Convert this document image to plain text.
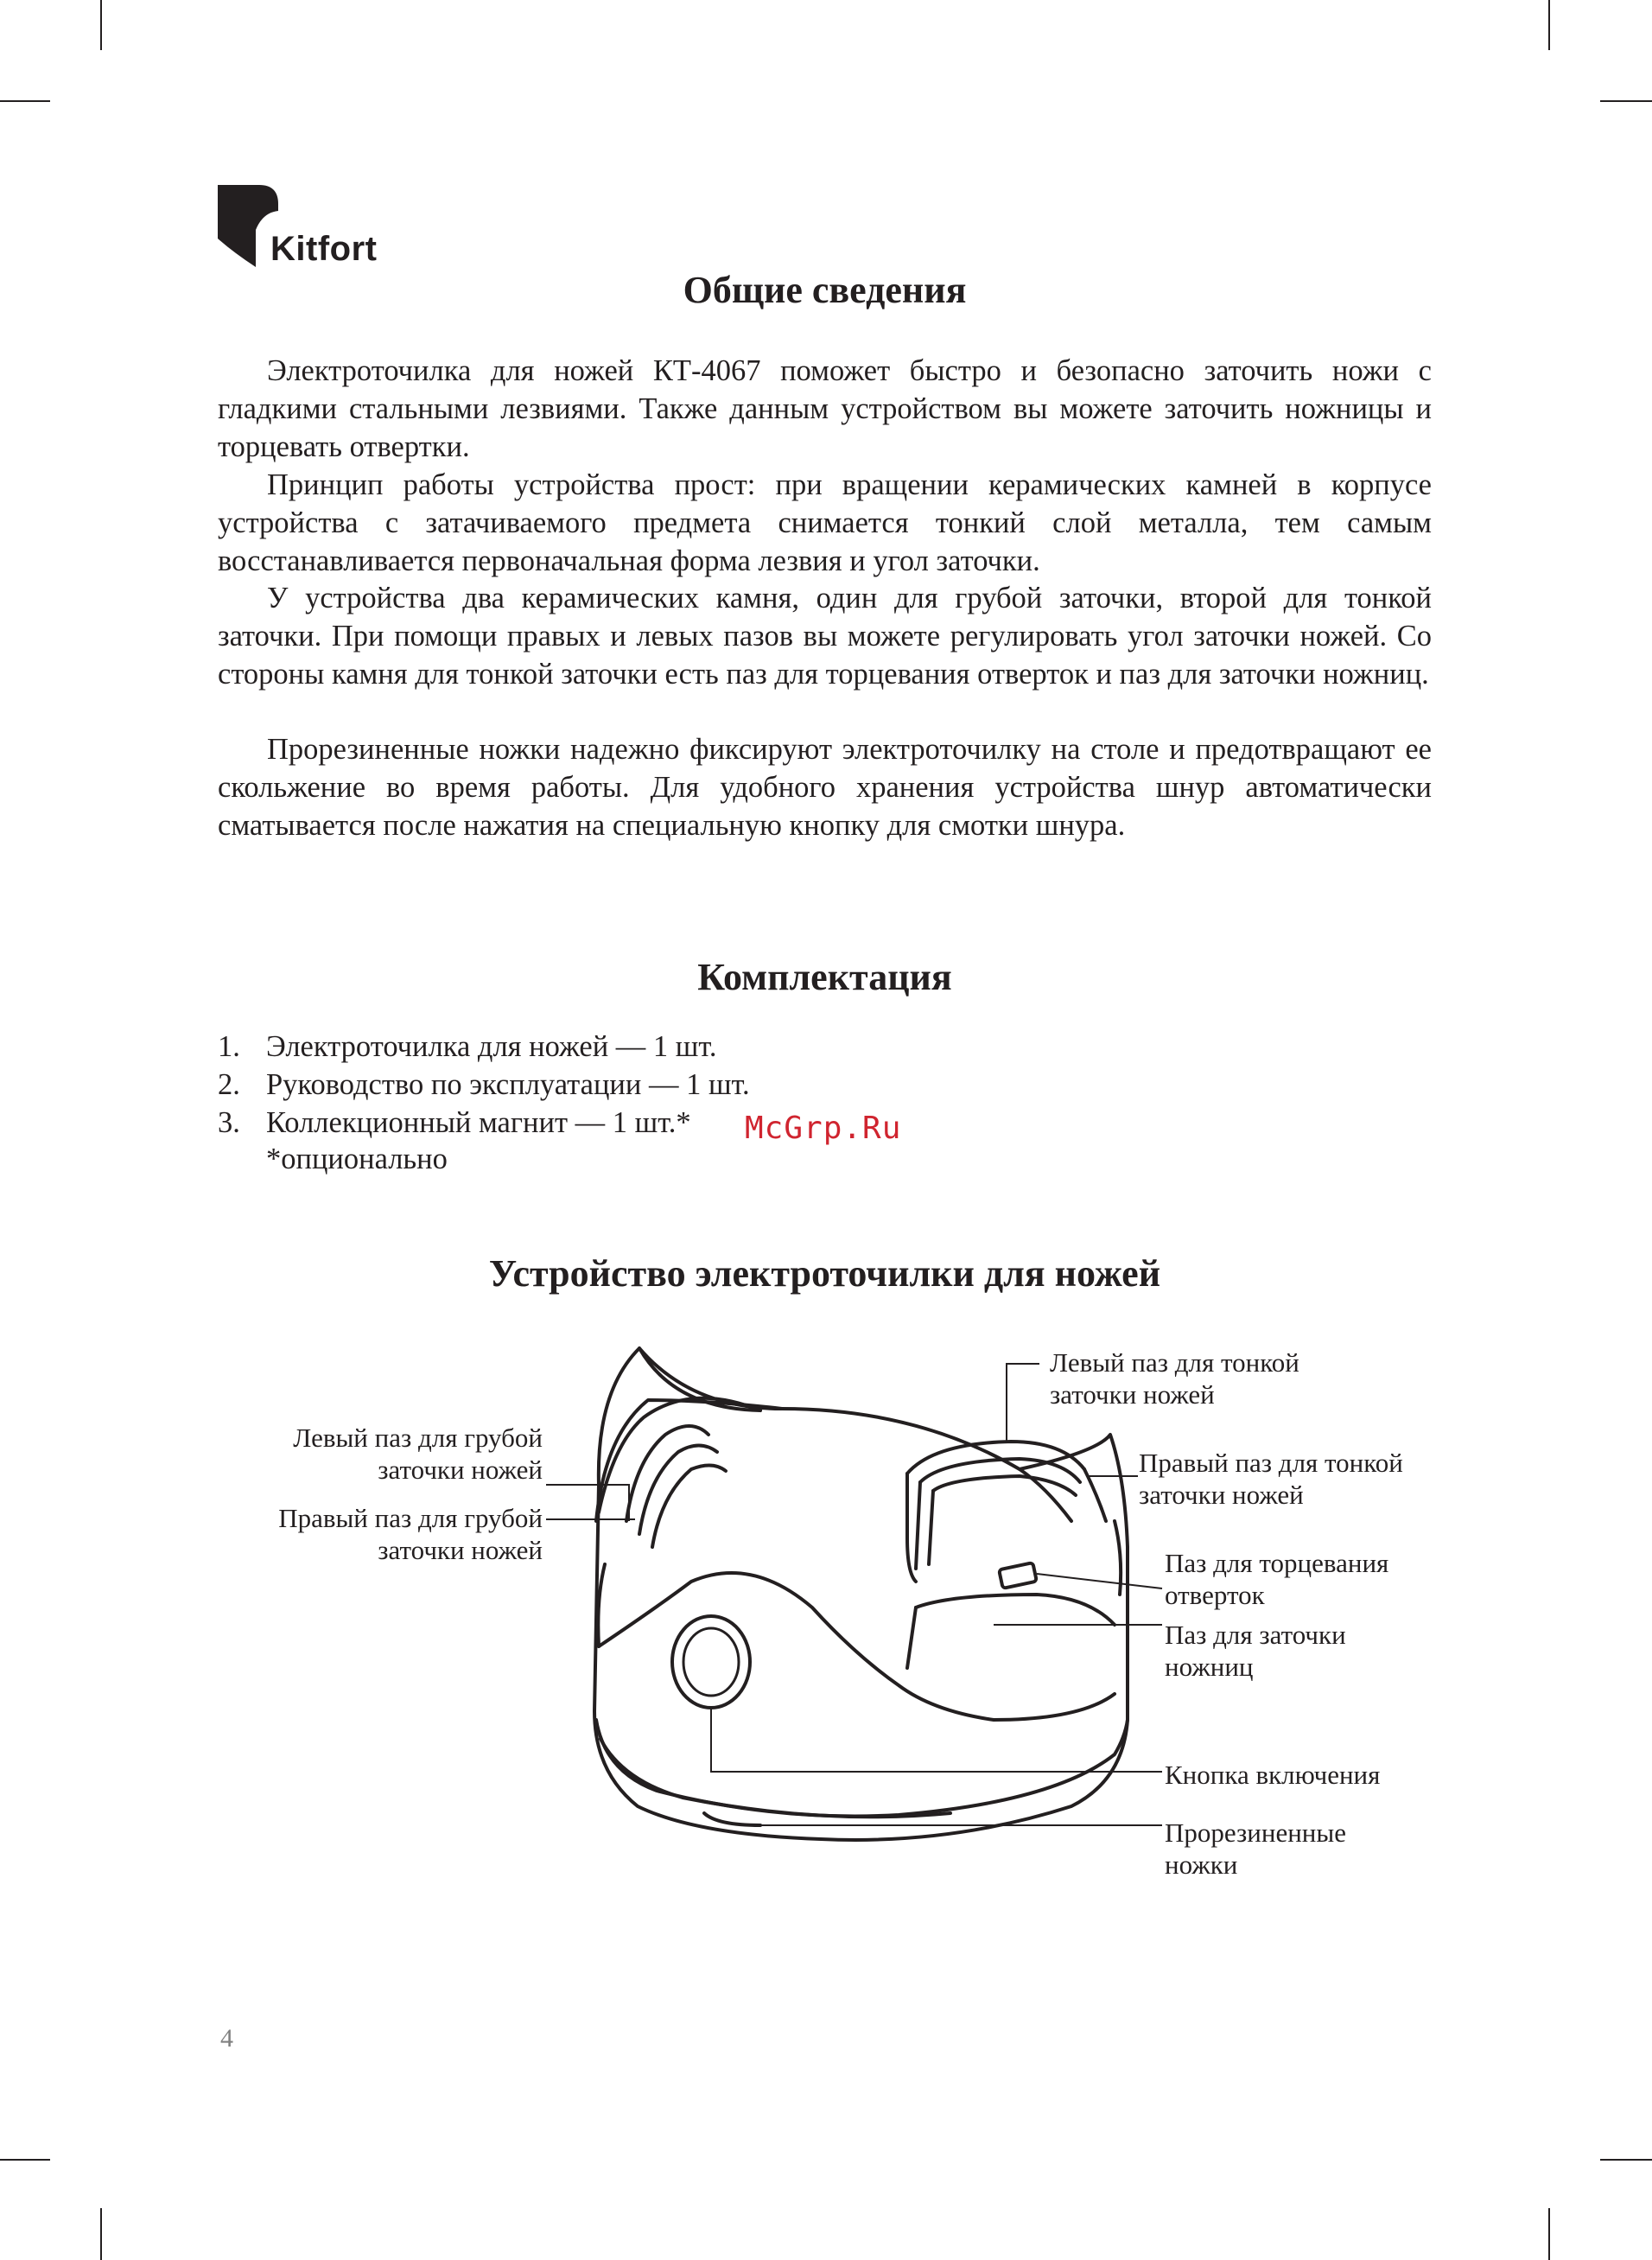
Kitfort
Общие сведения

Электроточилка для ножей КТ-4067 поможет быстро и безопасно заточить ножи с гладкими стальными лезвиями. Также данным устройством вы можете заточить ножницы и торцевать отвертки.

Принцип работы устройства прост: при вращении керамических камней в корпусе устройства с затачиваемого предмета снимается тонкий слой металла, тем самым восстанавливается первоначальная форма лезвия и угол заточки.

У устройства два керамических камня, один для грубой заточки, второй для тонкой заточки. При помощи правых и левых пазов вы можете регулировать угол заточки ножей. Со стороны камня для тонкой заточки есть паз для торцевания отверток и паз для заточки ножниц.

Прорезиненные ножки надежно фиксируют электроточилку на столе и предотвращают ее скольжение во время работы. Для удобного хранения устройства шнур автоматически сматывается после нажатия на специальную кнопку для смотки шнура.

Комплектация
1. Электроточилка для ножей — 1 шт.
2. Руководство по эксплуатации — 1 шт.
3. Коллекционный магнит — 1 шт.*
*опционально
McGrp.Ru
Устройство электроточилки для ножей
Левый паз для тонкой
заточки ножей
Правый паз для тонкой
заточки ножей
Левый паз для грубой
заточки ножей
Правый паз для грубой
заточки ножей	Паз для торцевания
отверток
Паз для заточки
ножниц
Кнопка включения
Прорезиненные
ножки
4
